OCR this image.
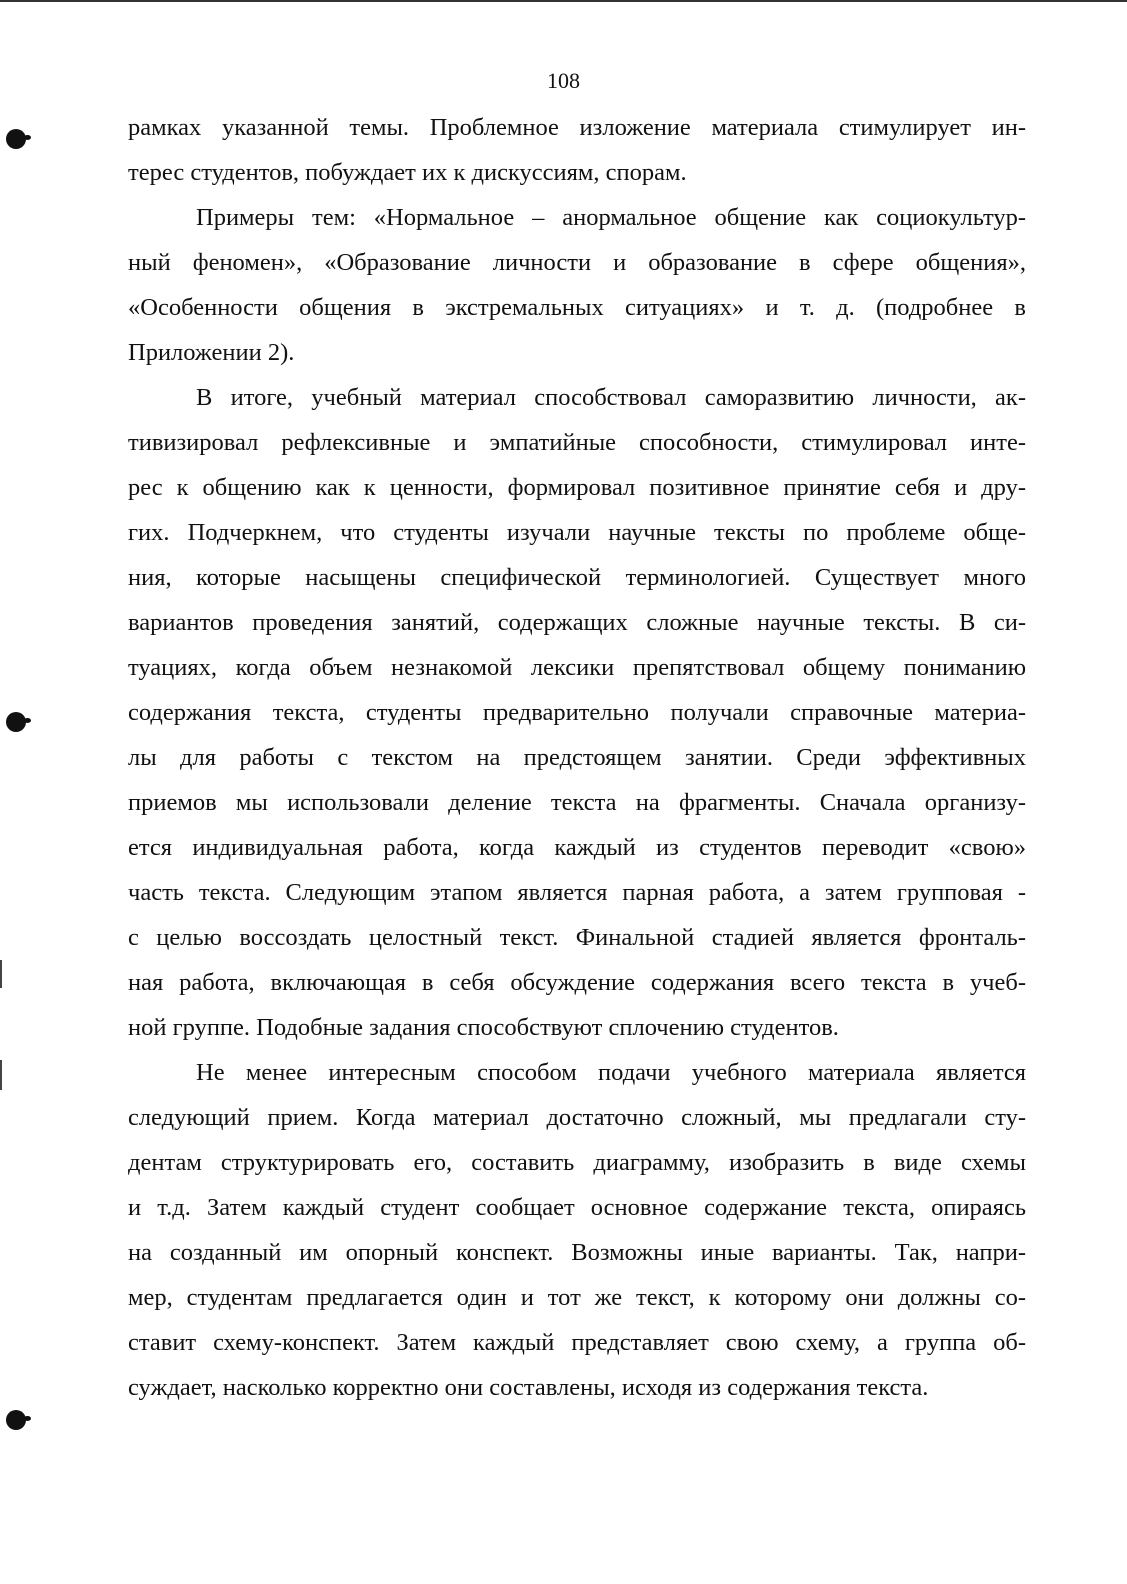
108
рамках указанной темы. Проблемное изложение материала стимулирует ин-
терес студентов, побуждает их к дискуссиям, спорам.
Примеры тем: «Нормальное – анормальное общение как социокультур-
ный феномен», «Образование личности и образование в сфере общения»,
«Особенности общения в экстремальных ситуациях» и т. д. (подробнее в
Приложении 2).
В итоге, учебный материал способствовал саморазвитию личности, ак-
тивизировал рефлексивные и эмпатийные способности, стимулировал инте-
рес к общению как к ценности, формировал позитивное принятие себя и дру-
гих. Подчеркнем, что студенты изучали научные тексты по проблеме обще-
ния, которые насыщены специфической терминологией. Существует много
вариантов проведения занятий, содержащих сложные научные тексты. В си-
туациях, когда объем незнакомой лексики препятствовал общему пониманию
содержания текста, студенты предварительно получали справочные материа-
лы для работы с текстом на предстоящем занятии. Среди эффективных
приемов мы использовали деление текста на фрагменты. Сначала организу-
ется индивидуальная работа, когда каждый из студентов переводит «свою»
часть текста. Следующим этапом является парная работа, а затем групповая -
с целью воссоздать целостный текст. Финальной стадией является фронталь-
ная работа, включающая в себя обсуждение содержания всего текста в учеб-
ной группе. Подобные задания способствуют сплочению студентов.
Не менее интересным способом подачи учебного материала является
следующий прием. Когда материал достаточно сложный, мы предлагали сту-
дентам структурировать его, составить диаграмму, изобразить в виде схемы
и т.д. Затем каждый студент сообщает основное содержание текста, опираясь
на созданный им опорный конспект. Возможны иные варианты. Так, напри-
мер, студентам предлагается один и тот же текст, к которому они должны со-
ставит схему-конспект. Затем каждый представляет свою схему, а группа об-
суждает, насколько корректно они составлены, исходя из содержания текста.
